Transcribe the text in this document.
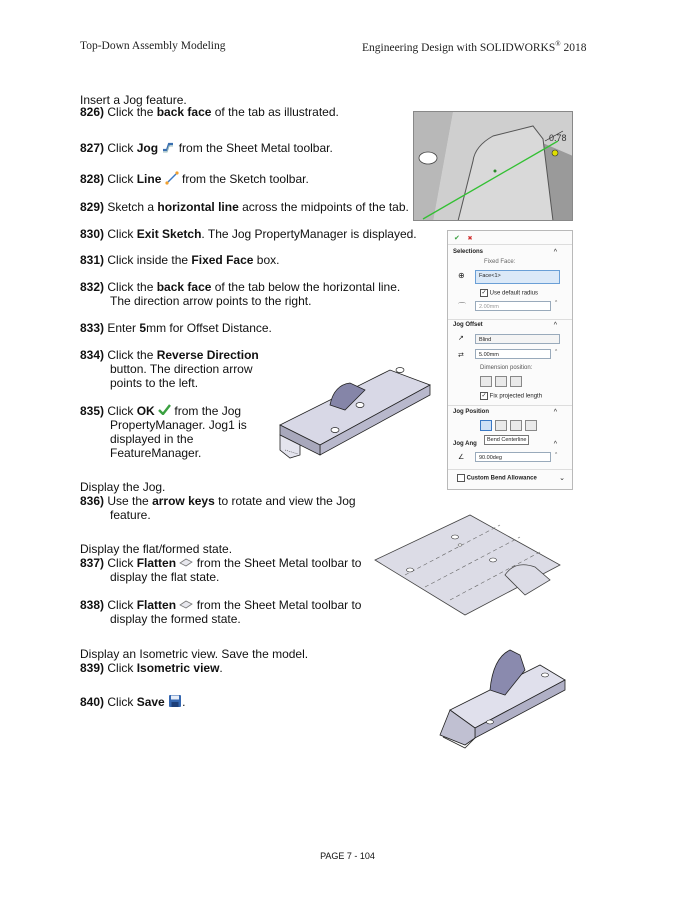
Top-Down Assembly Modeling	Engineering Design with SOLIDWORKS® 2018
Insert a Jog feature.
826) Click the back face of the tab as illustrated.
827) Click Jog  from the Sheet Metal toolbar.
828) Click Line  from the Sketch toolbar.
829) Sketch a horizontal line across the midpoints of the tab.
830) Click Exit Sketch. The Jog PropertyManager is displayed.
831) Click inside the Fixed Face box.
832) Click the back face of the tab below the horizontal line.
The direction arrow points to the right.
833) Enter 5mm for Offset Distance.
834) Click the Reverse Direction
button. The direction arrow
points to the left.
835) Click OK  from the Jog
PropertyManager. Jog1 is
displayed in the
FeatureManager.
Display the Jog.
836) Use the arrow keys to rotate and view the Jog
feature.
Display the flat/formed state.
837) Click Flatten  from the Sheet Metal toolbar to
display the flat state.
838) Click Flatten  from the Sheet Metal toolbar to
display the formed state.
Display an Isometric view. Save the model.
839) Click Isometric view.
840) Click Save .
0.78
✔ ✖
Selections	^
Fixed Face:
⊕	Face<1>
✓ Use default radius
⌒	2.00mm
⌃
Jog Offset	^
↗	Blind
⇄	5.00mm	⌃
Dimension position:
✓ Fix projected length
Jog Position	^
Jog Ang	^
Bend Centerline
∠	90.00deg	⌃
Custom Bend Allowance	⌄
PAGE 7 - 104
